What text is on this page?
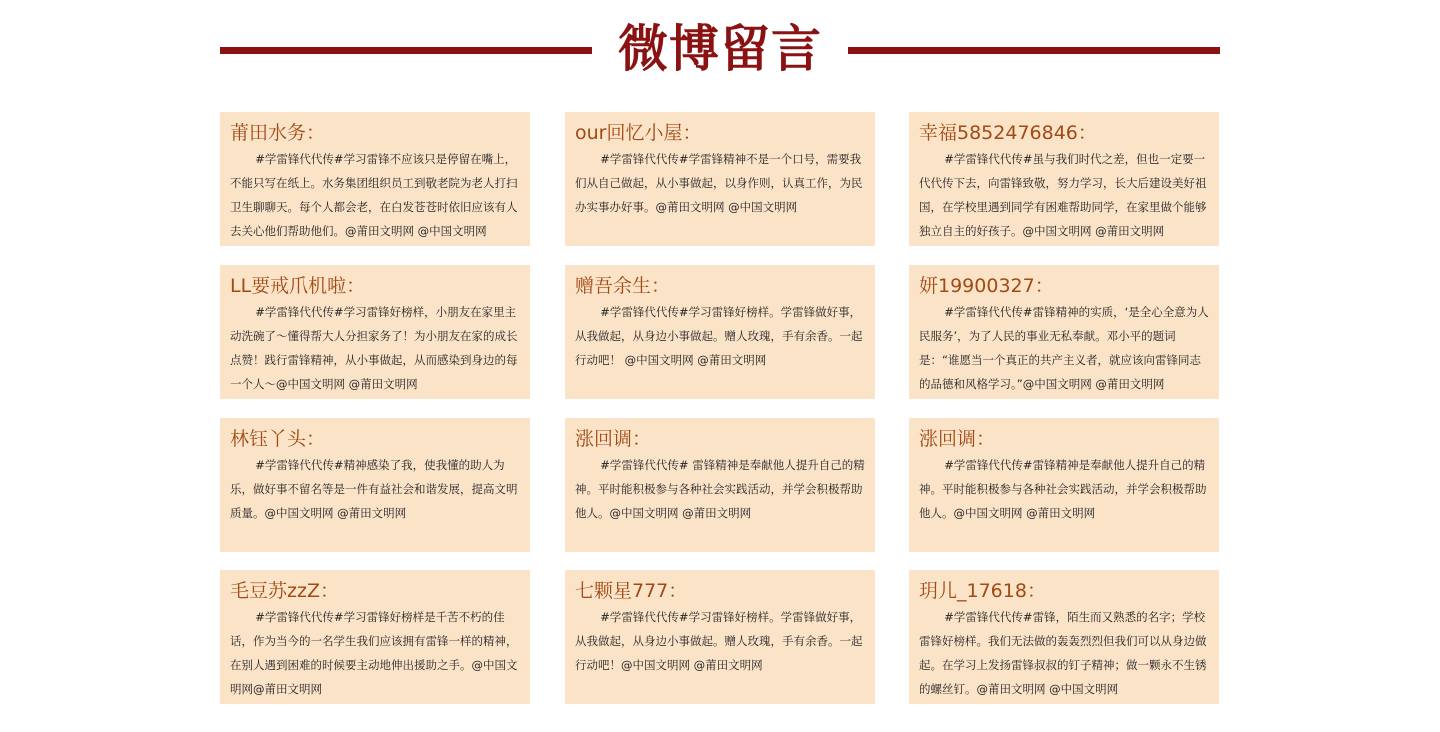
微博留言
莆田水务：
#学雷锋代代传#学习雷锋不应该只是停留在嘴上，不能只写在纸上。水务集团组织员工到敬老院为老人打扫卫生聊聊天。每个人都会老，在白发苍苍时依旧应该有人去关心他们帮助他们。@莆田文明网 @中国文明网
our回忆小屋：
#学雷锋代代传#学雷锋精神不是一个口号，需要我们从自己做起，从小事做起，以身作则，认真工作，为民办实事办好事。@莆田文明网 @中国文明网
幸福5852476846：
#学雷锋代代传#虽与我们时代之差，但也一定要一代代传下去，向雷锋致敬，努力学习，长大后建设美好祖国，在学校里遇到同学有困难帮助同学，在家里做个能够独立自主的好孩子。@中国文明网 @莆田文明网
LL要戒爪机啦：
#学雷锋代代传#学习雷锋好榜样，小朋友在家里主动洗碗了～懂得帮大人分担家务了！为小朋友在家的成长点赞！践行雷锋精神，从小事做起，从而感染到身边的每一个人～@中国文明网 @莆田文明网
赠吾余生：
#学雷锋代代传#学习雷锋好榜样。学雷锋做好事，从我做起，从身边小事做起。赠人玫瑰，手有余香。一起行动吧！ @中国文明网 @莆田文明网
妍19900327：
#学雷锋代代传#雷锋精神的实质，‘是全心全意为人民服务’，为了人民的事业无私奉献。邓小平的题词是：“谁愿当一个真正的共产主义者，就应该向雷锋同志的品德和风格学习。”@中国文明网 @莆田文明网
林钰丫头：
#学雷锋代代传#精神感染了我，使我懂的助人为乐，做好事不留名等是一件有益社会和谐发展，提高文明质量。@中国文明网 @莆田文明网
涨回调：
#学雷锋代代传# 雷锋精神是奉献他人提升自己的精神。平时能积极参与各种社会实践活动，并学会积极帮助他人。@中国文明网 @莆田文明网
涨回调：
#学雷锋代代传#雷锋精神是奉献他人提升自己的精神。平时能积极参与各种社会实践活动，并学会积极帮助他人。@中国文明网 @莆田文明网
毛豆苏zzZ：
#学雷锋代代传#学习雷锋好榜样是千苦不朽的佳话，作为当今的一名学生我们应该拥有雷锋一样的精神，在别人遇到困难的时候要主动地伸出援助之手。@中国文明网@莆田文明网
七颗星777：
#学雷锋代代传#学习雷锋好榜样。学雷锋做好事，从我做起，从身边小事做起。赠人玫瑰，手有余香。一起行动吧！@中国文明网 @莆田文明网
玥儿_17618：
#学雷锋代代传#雷锋，陌生而又熟悉的名字；学校雷锋好榜样。我们无法做的轰轰烈烈但我们可以从身边做起。在学习上发扬雷锋叔叔的钉子精神；做一颗永不生锈的螺丝钉。@莆田文明网 @中国文明网
